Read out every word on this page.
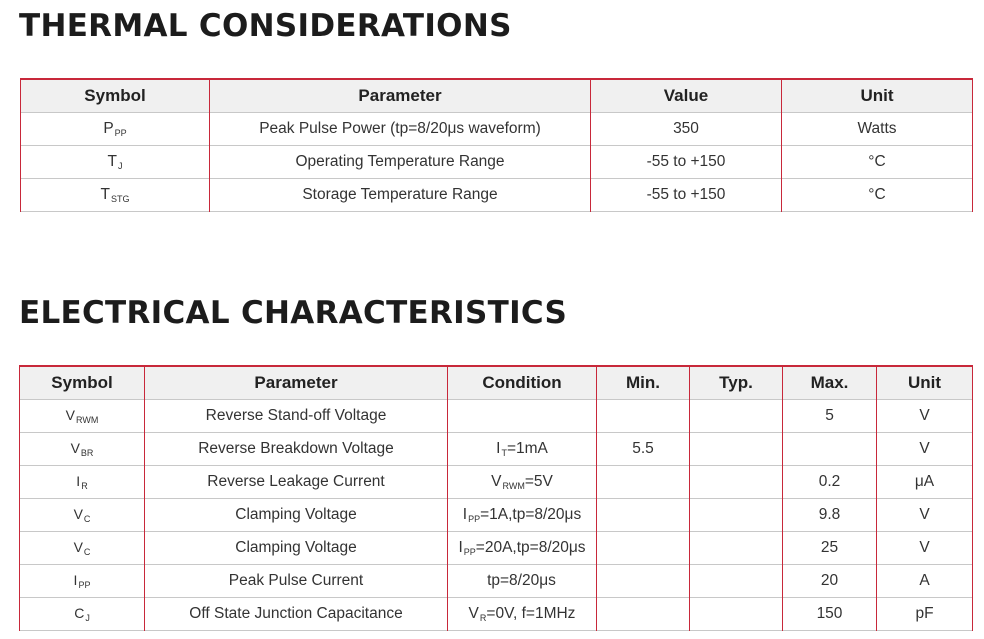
THERMAL CONSIDERATIONS
Symbol	Parameter	Value	Unit
$P_{PP}$	Peak Pulse Power (tp=8/20μs waveform)	350	Watts
$T_J$	Operating Temperature Range	-55 to +150	°C
$T_{STG}$	Storage Temperature Range	-55 to +150	°C
ELECTRICAL CHARACTERISTICS
Symbol	Parameter	Condition	Min.	Typ.	Max.	Unit
$V_{RWM}$	Reverse Stand-off Voltage				5	V
$V_{BR}$	Reverse Breakdown Voltage	$I_T=1mA$	5.5			V
$I_R$	Reverse Leakage Current	$V_{RWM}=5V$			0.2	μA
$V_C$	Clamping Voltage	$I_{PP}=1A,tp=8/20\mu s$			9.8	V
$V_C$	Clamping Voltage	$I_{PP}=20A,tp=8/20\mu s$			25	V
$I_{PP}$	Peak Pulse Current	tp=8/20μs			20	A
$C_J$	Off State Junction Capacitance	$V_R=0V$, f=1MHz			150	pF
